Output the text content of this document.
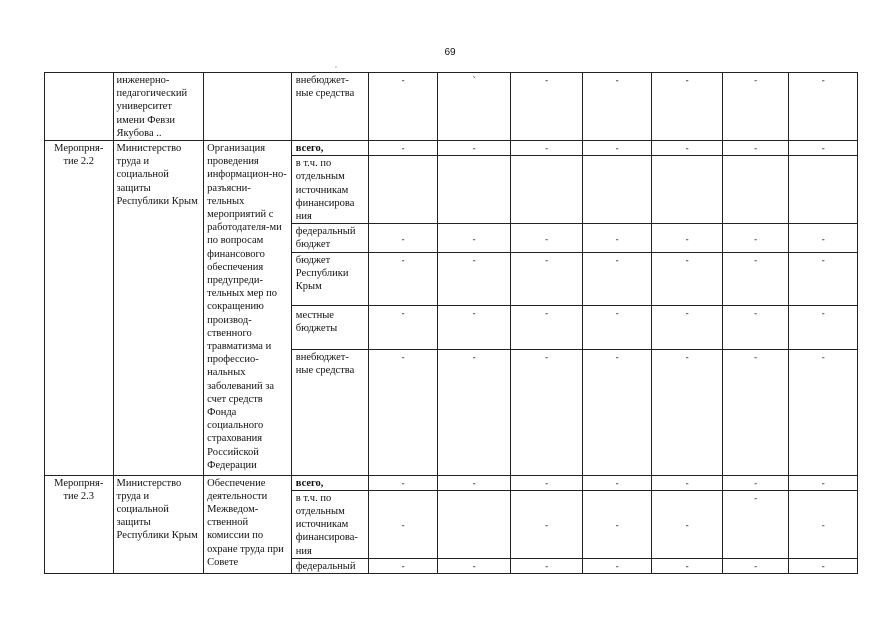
69
,
	инженерно-педагогический университет имени Февзи Якубова ..		внебюджет-ные средства	-	`	-	-	-	-	-
Меропрня-тие 2.2	Министерство труда и социальной защиты Республики Крым	Организация проведения информацион-но-разъясни-тельных мероприятий с работодателя-ми по вопросам финансового обеспечения предупреди-тельных мер по сокращению производ-ственного травматизма и профессио-нальных заболеваний за счет средств Фонда социального страхования Российской Федерации	всего,	-	-	-	-	-	-	-
			в т.ч. по отдельным источникам финансирова ния							
			федеральный бюджет	-	-	-	-	-	-	-
			бюджет Республики Крым	-	-	-	-	-	-	-
			местные бюджеты	-	-	-	-	-	-	-
			внебюджет-ные средства	-	-	-	-	-	-	-
Меропрня-тие 2.3	Министерство труда и социальной защиты Республики Крым	Обеспечение деятельности Межведом-ственной комиссии по охране труда при Совете	всего,	-	-	-	-	-	-	-
			в т.ч. по отдельным источникам финансирова-ния	-		-	-	-	-	-
			федеральный	-	-	-	-	-	-	-
